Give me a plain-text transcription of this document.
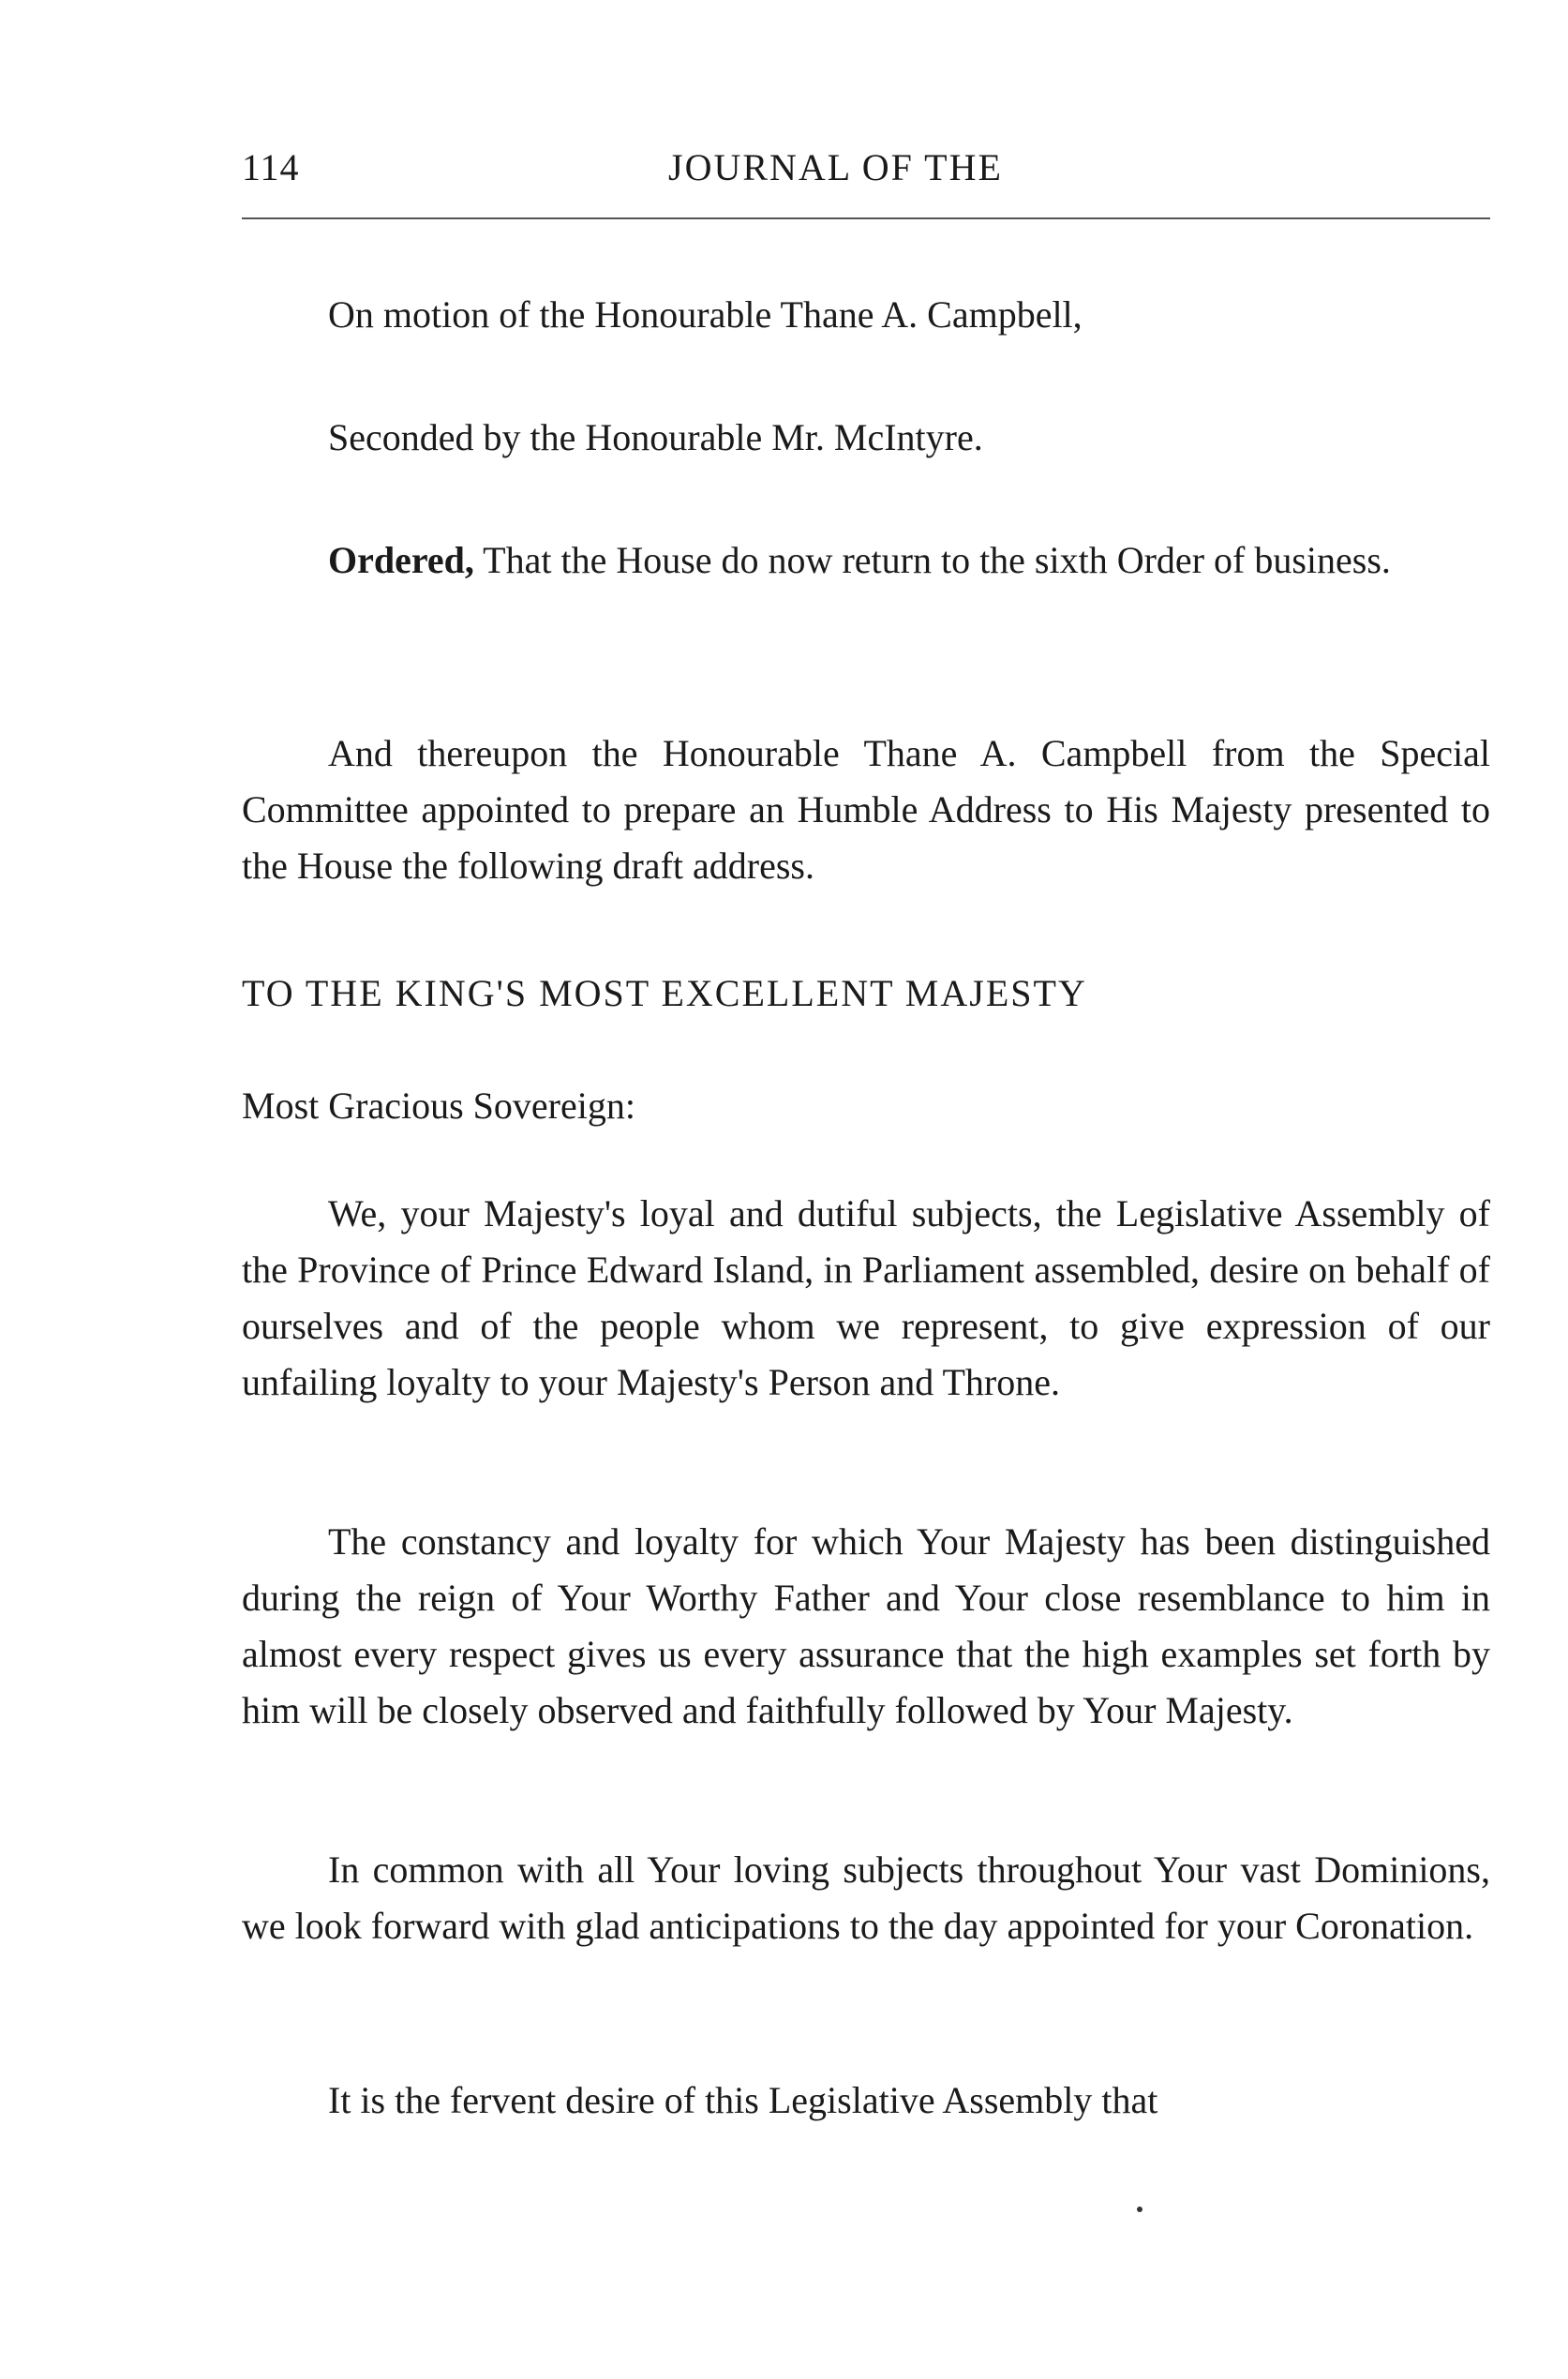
114	JOURNAL OF THE

On motion of the Honourable Thane A. Campbell,

Seconded by the Honourable Mr. McIntyre.

Ordered, That the House do now return to the sixth Order of business.

And thereupon the Honourable Thane A. Campbell from the Special Committee appointed to prepare an Humble Address to His Majesty presented to the House the following draft address.

TO THE KING'S MOST EXCELLENT MAJESTY

Most Gracious Sovereign:

We, your Majesty's loyal and dutiful subjects, the Legislative Assembly of the Province of Prince Edward Island, in Parliament assembled, desire on behalf of ourselves and of the people whom we represent, to give expression of our unfailing loyalty to your Majesty's Person and Throne.

The constancy and loyalty for which Your Majesty has been distinguished during the reign of Your Worthy Father and Your close resemblance to him in almost every respect gives us every assurance that the high examples set forth by him will be closely observed and faithfully followed by Your Majesty.

In common with all Your loving subjects throughout Your vast Dominions, we look forward with glad anticipations to the day appointed for your Coronation.

It is the fervent desire of this Legislative Assembly that
